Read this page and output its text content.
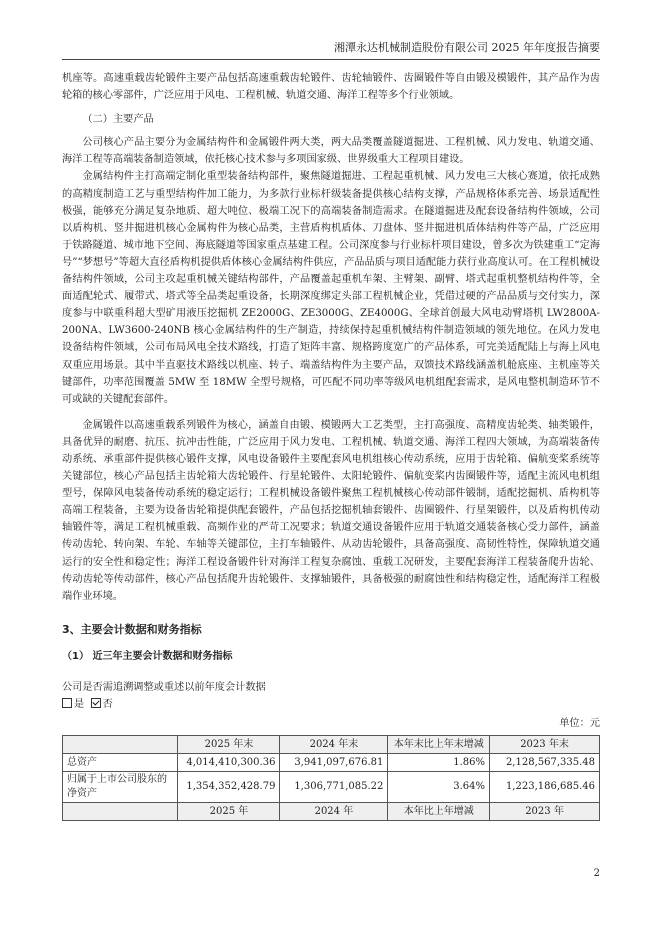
湘潭永达机械制造股份有限公司 2025 年年度报告摘要

机座等。高速重载齿轮锻件主要产品包括高速重载齿轮锻件、齿轮轴锻件、齿圈锻件等自由锻及模锻件，其产品作为齿轮箱的核心零部件，广泛应用于风电、工程机械、轨道交通、海洋工程等多个行业领域。

（二）主要产品

公司核心产品主要分为金属结构件和金属锻件两大类，两大品类覆盖隧道掘进、工程机械、风力发电、轨道交通、海洋工程等高端装备制造领域，依托核心技术参与多项国家级、世界级重大工程项目建设。

金属结构件主打高端定制化重型装备结构部件，聚焦隧道掘进、工程起重机械、风力发电三大核心赛道，依托成熟的高精度制造工艺与重型结构件加工能力，为多款行业标杆级装备提供核心结构支撑，产品规格体系完善、场景适配性极强，能够充分满足复杂地质、超大吨位、极端工况下的高端装备制造需求。在隧道掘进及配套设备结构件领域，公司以盾构机、竖井掘进机核心金属构件为核心品类，主营盾构机盾体、刀盘体、竖井掘进机盾体结构件等产品，广泛应用于铁路隧道、城市地下空间、海底隧道等国家重点基建工程。公司深度参与行业标杆项目建设，曾多次为铁建重工“定海号”“梦想号”等超大直径盾构机提供盾体核心金属结构件供应，产品品质与项目适配能力获行业高度认可。在工程机械设备结构件领域，公司主攻起重机械关键结构部件，产品覆盖起重机车架、主臂架、副臂、塔式起重机整机结构件等，全面适配轮式、履带式、塔式等全品类起重设备，长期深度绑定头部工程机械企业，凭借过硬的产品品质与交付实力，深度参与中联重科超大型矿用液压挖掘机 ZE2000G、ZE3000G、ZE4000G、全球首创最大风电动臂塔机 LW2800A-200NA、LW3600-240NB 核心金属结构件的生产制造，持续保持起重机械结构件制造领域的领先地位。在风力发电设备结构件领域，公司布局风电全技术路线，打造了矩阵丰富、规格跨度宽广的产品体系，可完美适配陆上与海上风电双重应用场景。其中半直驱技术路线以机座、转子、端盖结构件为主要产品，双馈技术路线涵盖机舱底座、主机座等关键部件，功率范围覆盖 5MW 至 18MW 全型号规格，可匹配不同功率等级风电机组配套需求，是风电整机制造环节不可或缺的关键配套部件。

金属锻件以高速重载系列锻件为核心，涵盖自由锻、模锻两大工艺类型，主打高强度、高精度齿轮类、轴类锻件，具备优异的耐磨、抗压、抗冲击性能，广泛应用于风力发电、工程机械、轨道交通、海洋工程四大领域，为高端装备传动系统、承重部件提供核心锻件支撑，风电设备锻件主要配套风电机组核心传动系统，应用于齿轮箱、偏航变桨系统等关键部位，核心产品包括主齿轮箱大齿轮锻件、行星轮锻件、太阳轮锻件、偏航变桨内齿圈锻件等，适配主流风电机组型号，保障风电装备传动系统的稳定运行；工程机械设备锻件聚焦工程机械核心传动部件锻制，适配挖掘机、盾构机等高端工程装备，主要为设备齿轮箱提供配套锻件，产品包括挖掘机轴套锻件、齿圈锻件、行星架锻件，以及盾构机传动轴锻件等，满足工程机械重载、高频作业的严苛工况要求；轨道交通设备锻件应用于轨道交通装备核心受力部件，涵盖传动齿轮、转向架、车轮、车轴等关键部位，主打车轴锻件、从动齿轮锻件，具备高强度、高韧性特性，保障轨道交通运行的安全性和稳定性；海洋工程设备锻件针对海洋工程复杂腐蚀、重载工况研发，主要配套海洋工程装备爬升齿轮、传动齿轮等传动部件，核心产品包括爬升齿轮锻件、支撑轴锻件，具备极强的耐腐蚀性和结构稳定性，适配海洋工程极端作业环境。

3、主要会计数据和财务指标
（1） 近三年主要会计数据和财务指标

公司是否需追溯调整或重述以前年度会计数据

是 否

单位：元
	2025 年末	2024 年末	本年末比上年末增减	2023 年末
总资产	4,014,410,300.36	3,941,097,676.81	1.86%	2,128,567,335.48
归属于上市公司股东的净资产	1,354,352,428.79	1,306,771,085.22	3.64%	1,223,186,685.46
	2025 年	2024 年	本年比上年增减	2023 年
2
